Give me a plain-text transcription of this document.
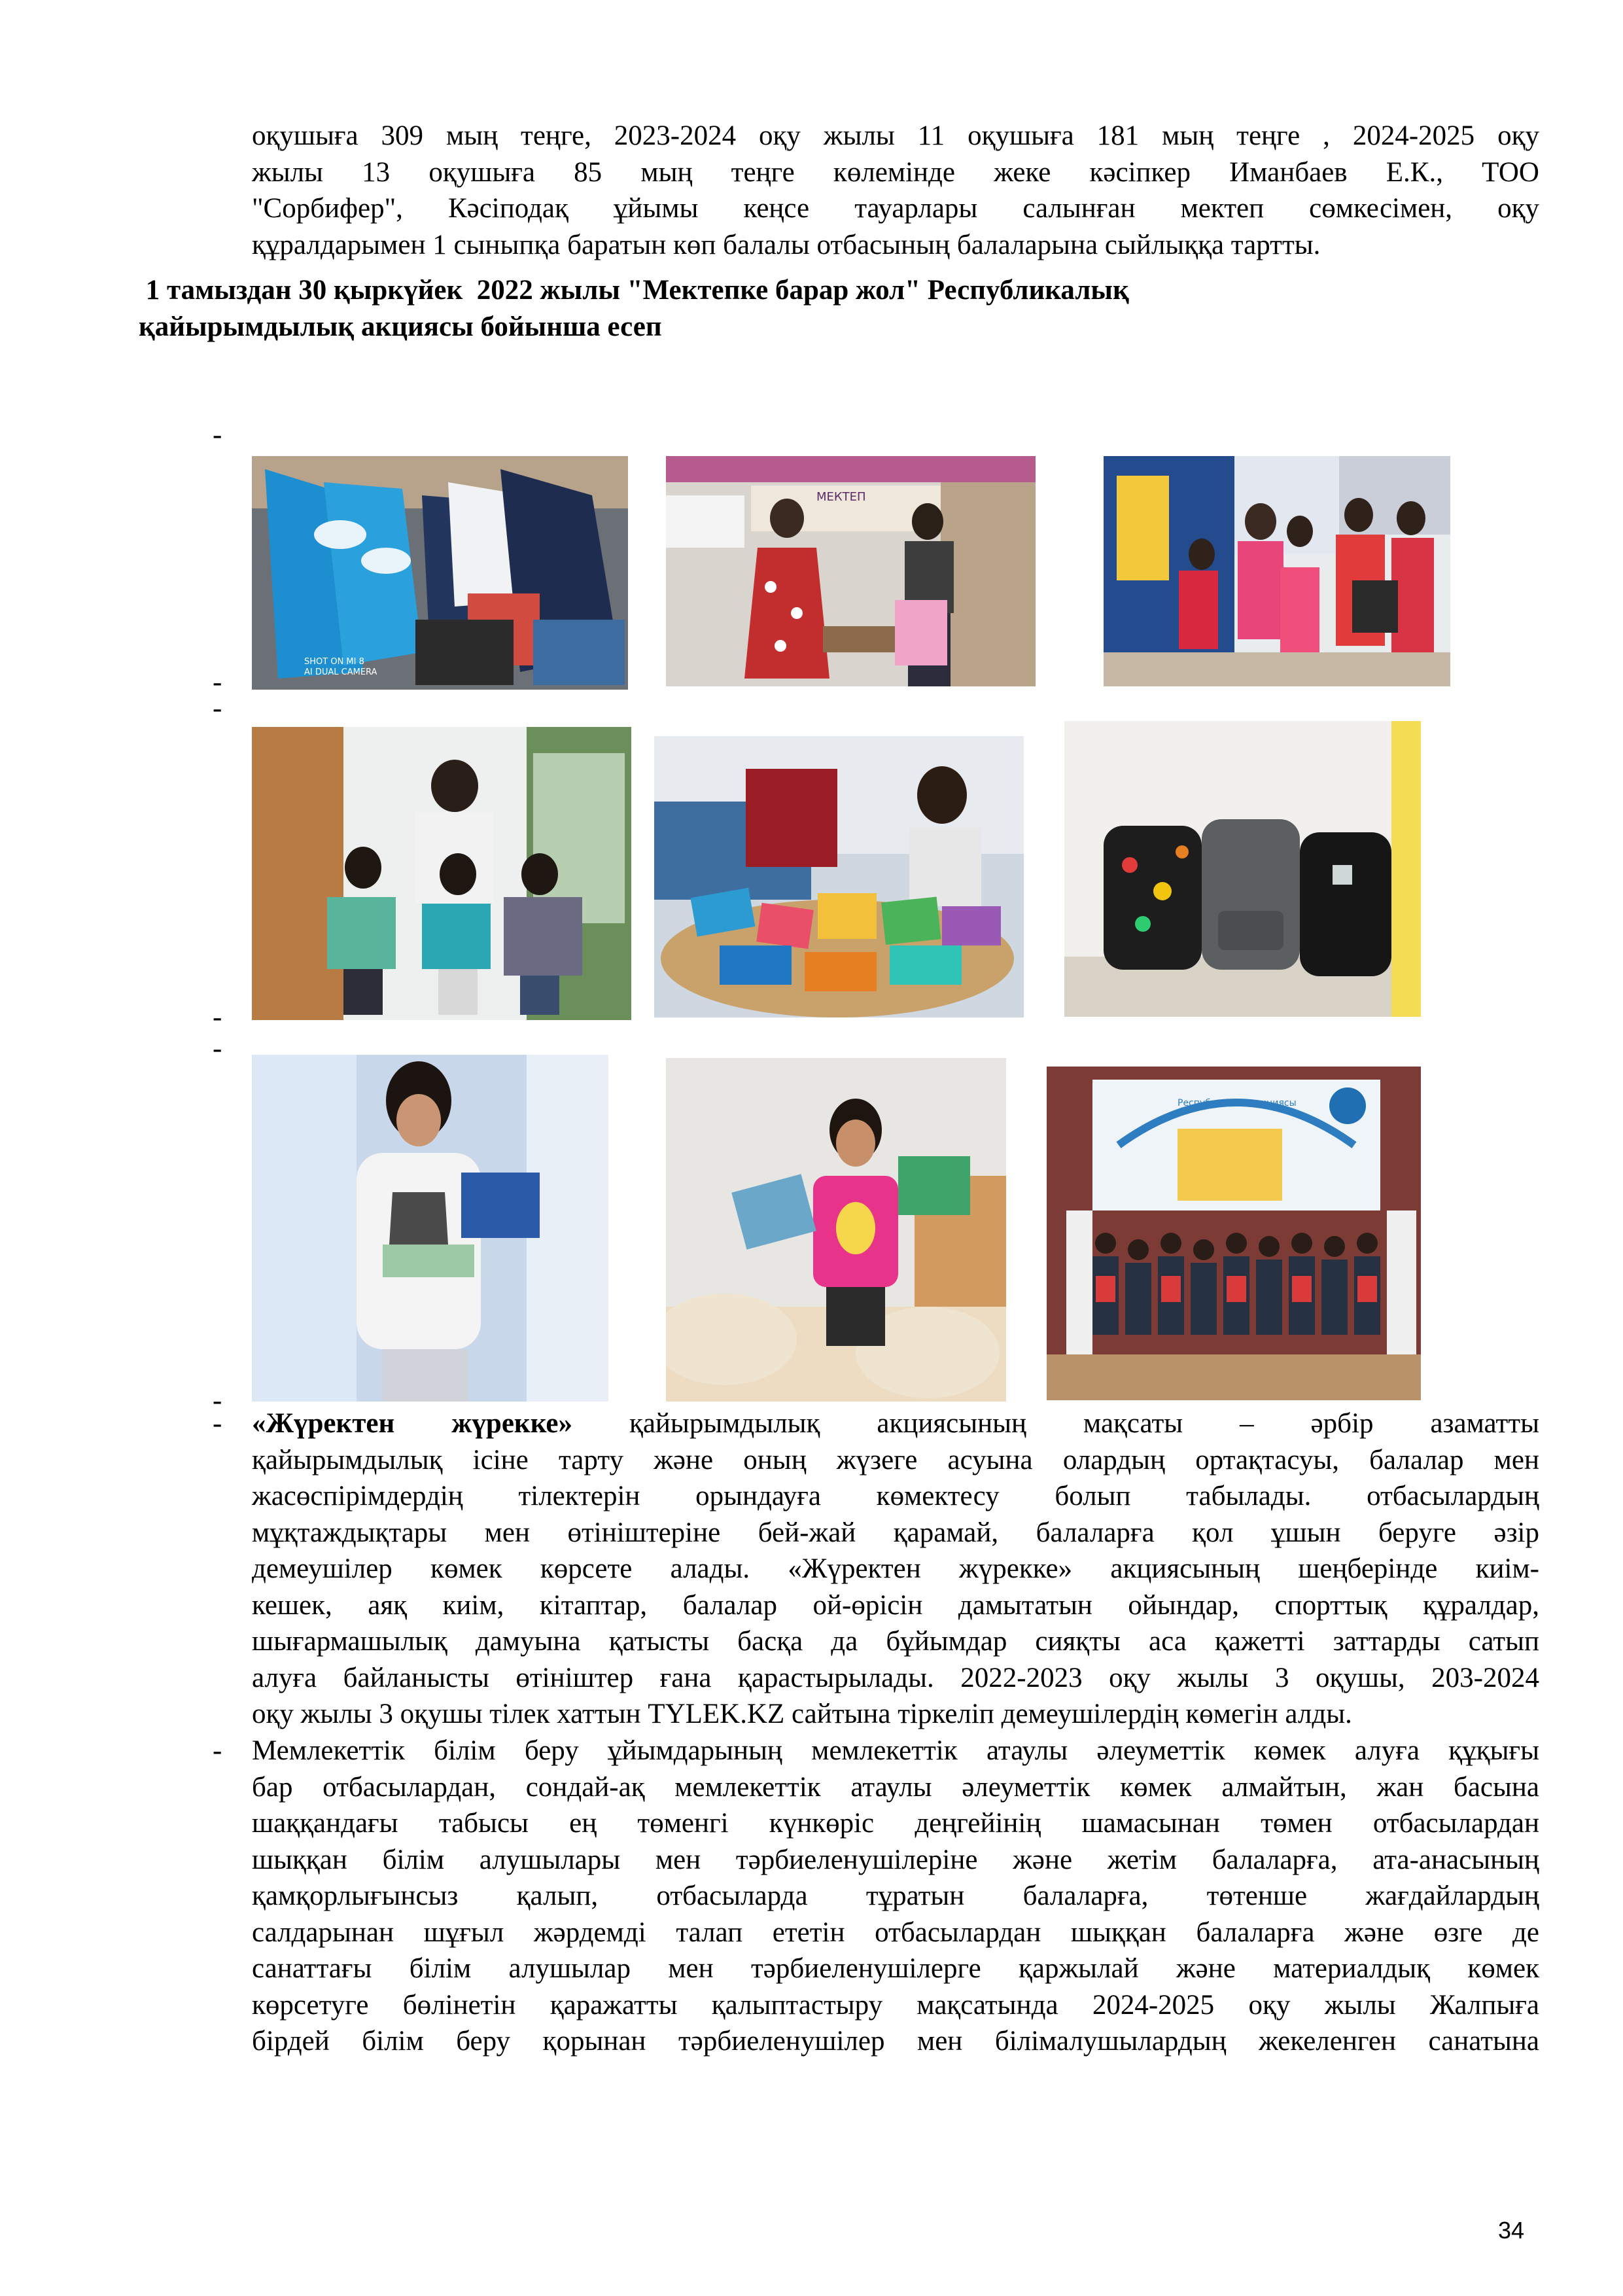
оқушыға 309 мың теңге, 2023-2024 оқу жылы 11 оқушыға 181 мың теңге , 2024-2025 оқу
жылы 13 оқушыға 85 мың теңге көлемінде жеке кәсіпкер Иманбаев Е.К., ТОО
"Сорбифер", Кәсіподақ ұйымы кеңсе тауарлары салынған мектеп сөмкесімен, оқу
құралдарымен 1 сыныпқа баратын көп балалы отбасының балаларына сыйлыққа тартты.
1 тамыздан 30 қыркүйек  2022 жылы "Мектепке барар жол" Республикалық
қайырымдылық акциясы бойынша есеп
-
-
-
-
-
-
SHOT ON MI 8
AI DUAL CAMERA
МЕКТЕП
Республикалық акциясы
- «Жүректен жүрекке» қайырымдылық акциясының мақсаты – әрбір азаматты
қайырымдылық ісіне тарту және оның жүзеге асуына олардың ортақтасуы, балалар мен
жасөспірімдердің тілектерін орындауға көмектесу болып табылады. отбасылардың
мұқтаждықтары мен өтініштеріне бей-жай қарамай, балаларға қол ұшын беруге әзір
демеушілер көмек көрсете алады. «Жүректен жүрекке» акциясының шеңберінде киім-
кешек, аяқ киім, кітаптар, балалар ой-өрісін дамытатын ойындар, спорттық құралдар,
шығармашылық дамуына қатысты басқа да бұйымдар сияқты аса қажетті заттарды сатып
алуға байланысты өтініштер ғана қарастырылады. 2022-2023 оқу жылы 3 оқушы, 203-2024
оқу жылы 3 оқушы тілек хаттын TYLEK.KZ сайтына тіркеліп демеушілердің көмегін алды.
- Мемлекеттік білім беру ұйымдарының мемлекеттік атаулы әлеуметтік көмек алуға құқығы
бар отбасылардан, сондай-ақ мемлекеттік атаулы әлеуметтік көмек алмайтын, жан басына
шаққандағы табысы ең төменгі күнкөріс деңгейінің шамасынан төмен отбасылардан
шыққан білім алушылары мен тәрбиеленушілеріне және жетім балаларға, ата-анасының
қамқорлығынсыз қалып, отбасыларда тұратын балаларға, төтенше жағдайлардың
салдарынан шұғыл жәрдемді талап ететін отбасылардан шыққан балаларға және өзге де
санаттағы білім алушылар мен тәрбиеленушілерге қаржылай және материалдық көмек
көрсетуге бөлінетін қаражатты қалыптастыру мақсатында 2024-2025 оқу жылы Жалпыға
бірдей білім беру қорынан тәрбиеленушілер мен білімалушылардың жекеленген санатына
34
